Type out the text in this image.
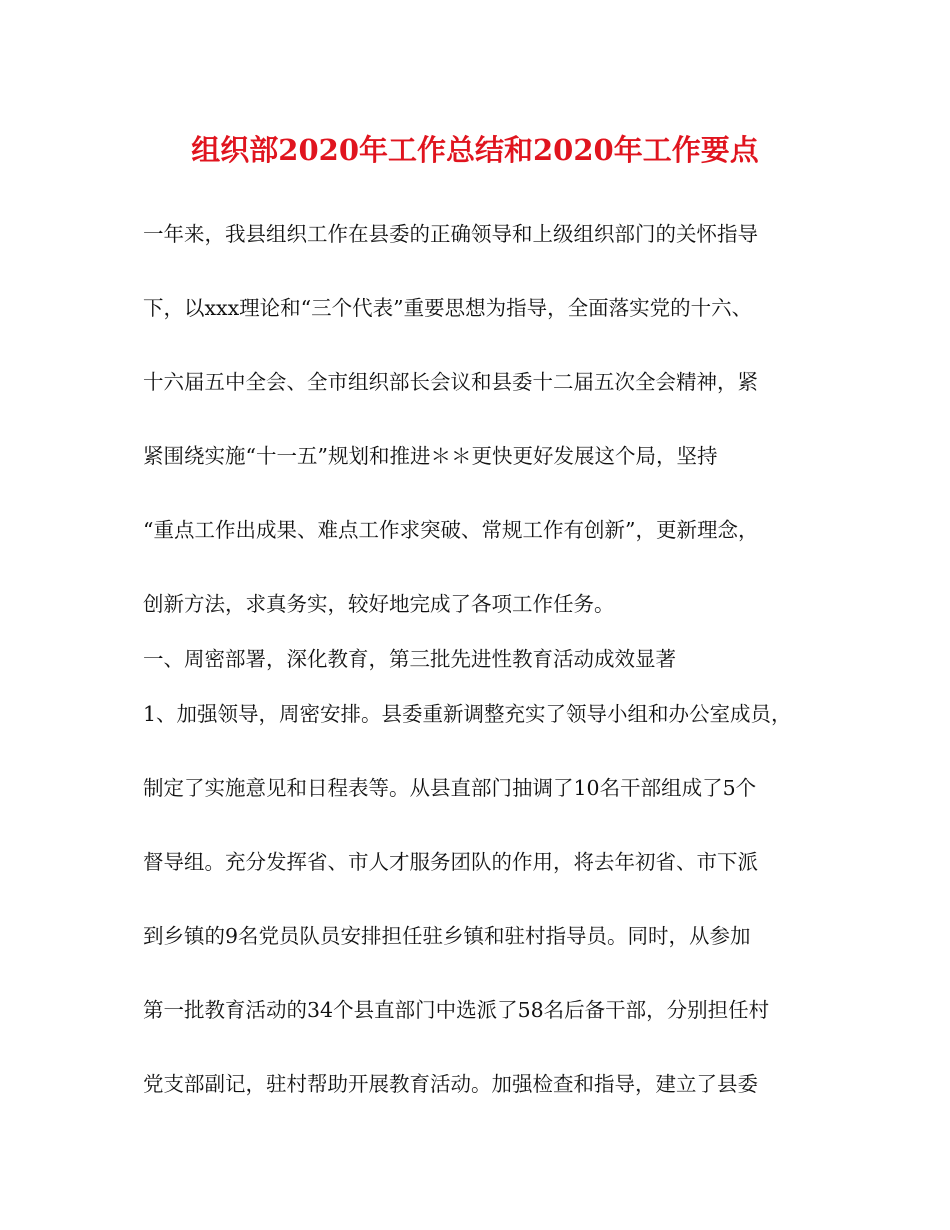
组织部2020年工作总结和2020年工作要点
一年来，我县组织工作在县委的正确领导和上级组织部门的关怀指导
下，以xxx理论和“三个代表”重要思想为指导，全面落实党的十六、
十六届五中全会、全市组织部长会议和县委十二届五次全会精神，紧
紧围绕实施“十一五”规划和推进＊＊更快更好发展这个局，坚持
“重点工作出成果、难点工作求突破、常规工作有创新”，更新理念，
创新方法，求真务实，较好地完成了各项工作任务。
一、周密部署，深化教育，第三批先进性教育活动成效显著
1、加强领导，周密安排。县委重新调整充实了领导小组和办公室成员，
制定了实施意见和日程表等。从县直部门抽调了10名干部组成了5个
督导组。充分发挥省、市人才服务团队的作用，将去年初省、市下派
到乡镇的9名党员队员安排担任驻乡镇和驻村指导员。同时，从参加
第一批教育活动的34个县直部门中选派了58名后备干部，分别担任村
党支部副记，驻村帮助开展教育活动。加强检查和指导，建立了县委
